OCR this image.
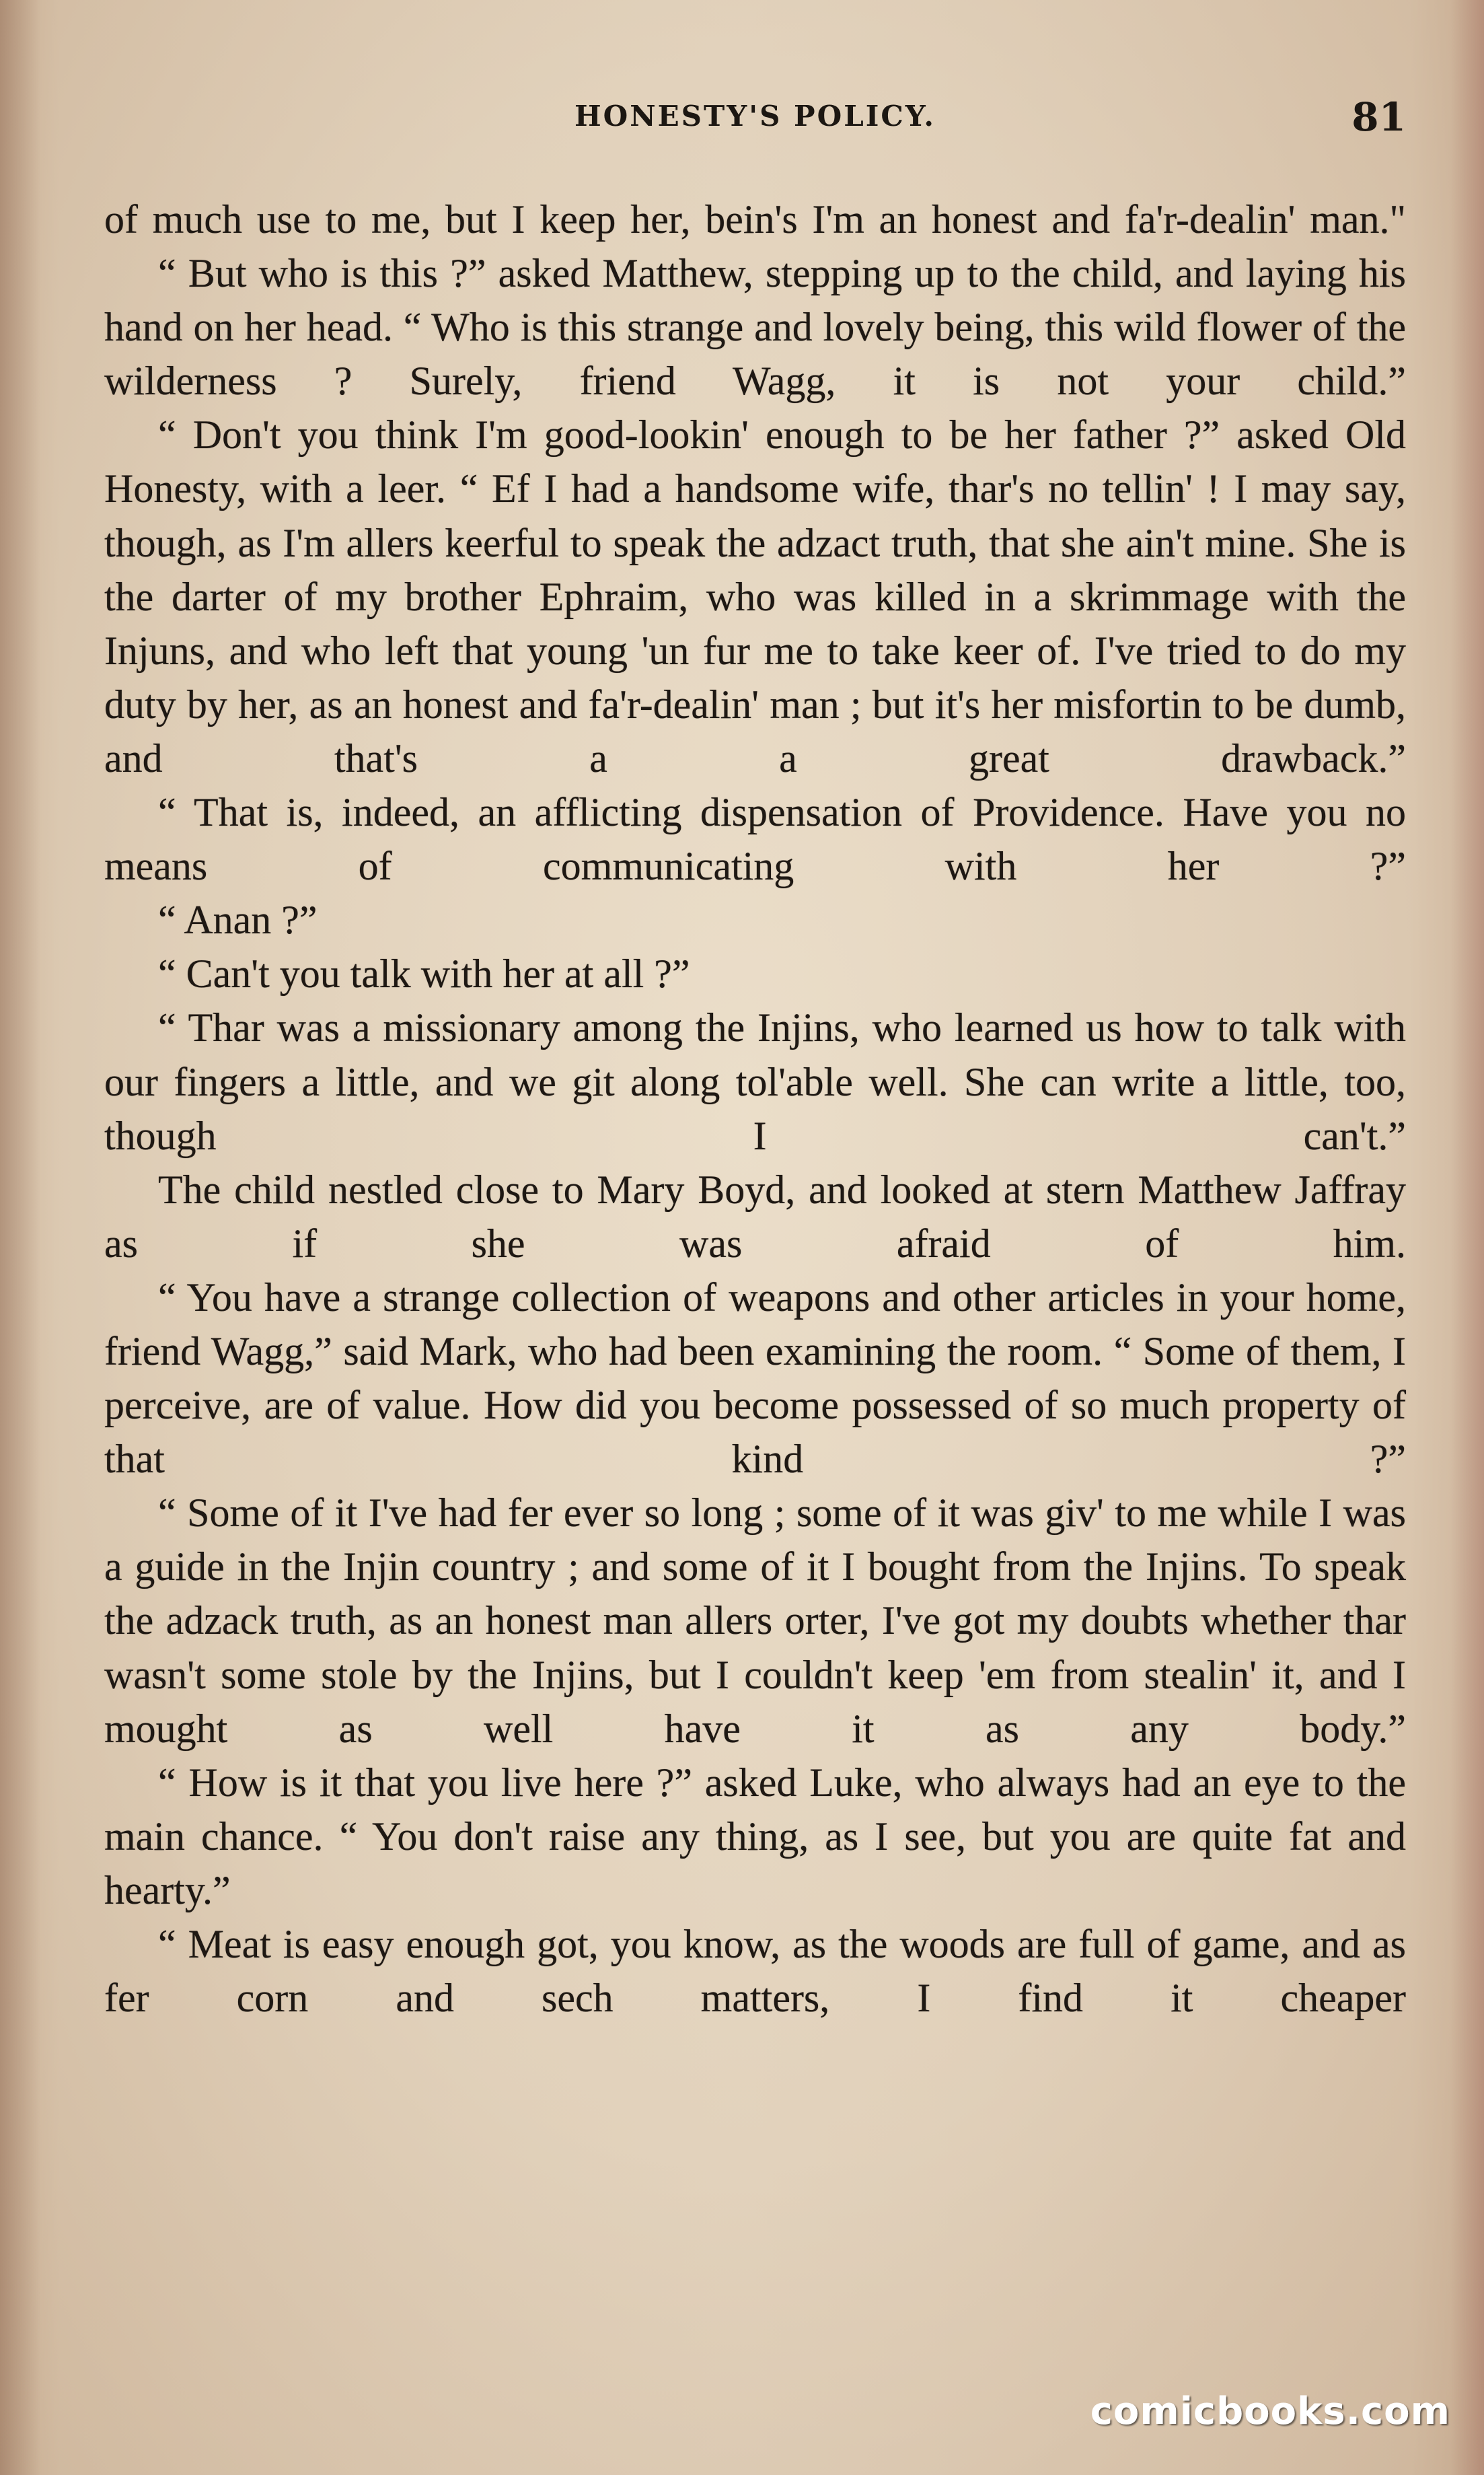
HONESTY'S POLICY.	81

of much use to me, but I keep her, bein's I'm an honest and fa'r-dealin' man."

“ But who is this ?” asked Matthew, stepping up to the child, and laying his hand on her head. “ Who is this strange and lovely being, this wild flower of the wilderness ? Surely, friend Wagg, it is not your child.”

“ Don't you think I'm good-lookin' enough to be her father ?” asked Old Honesty, with a leer. “ Ef I had a handsome wife, thar's no tellin' ! I may say, though, as I'm allers keerful to speak the adzact truth, that she ain't mine. She is the darter of my brother Ephraim, who was killed in a skrimmage with the Injuns, and who left that young 'un fur me to take keer of. I've tried to do my duty by her, as an honest and fa'r-dealin' man ; but it's her misfortin to be dumb, and that's a a great drawback.”

“ That is, indeed, an afflicting dispensation of Providence. Have you no means of communicating with her ?”

“ Anan ?”

“ Can't you talk with her at all ?”

“ Thar was a missionary among the Injins, who learned us how to talk with our fingers a little, and we git along tol'able well. She can write a little, too, though I can't.”

The child nestled close to Mary Boyd, and looked at stern Matthew Jaffray as if she was afraid of him.

“ You have a strange collection of weapons and other articles in your home, friend Wagg,” said Mark, who had been examining the room. “ Some of them, I perceive, are of value. How did you become possessed of so much property of that kind ?”

“ Some of it I've had fer ever so long ; some of it was giv' to me while I was a guide in the Injin country ; and some of it I bought from the Injins. To speak the adzack truth, as an honest man allers orter, I've got my doubts whether thar wasn't some stole by the Injins, but I couldn't keep 'em from stealin' it, and I mought as well have it as any body.”

“ How is it that you live here ?” asked Luke, who always had an eye to the main chance. “ You don't raise any thing, as I see, but you are quite fat and hearty.”

“ Meat is easy enough got, you know, as the woods are full of game, and as fer corn and sech matters, I find it cheaper

comicbooks.com
